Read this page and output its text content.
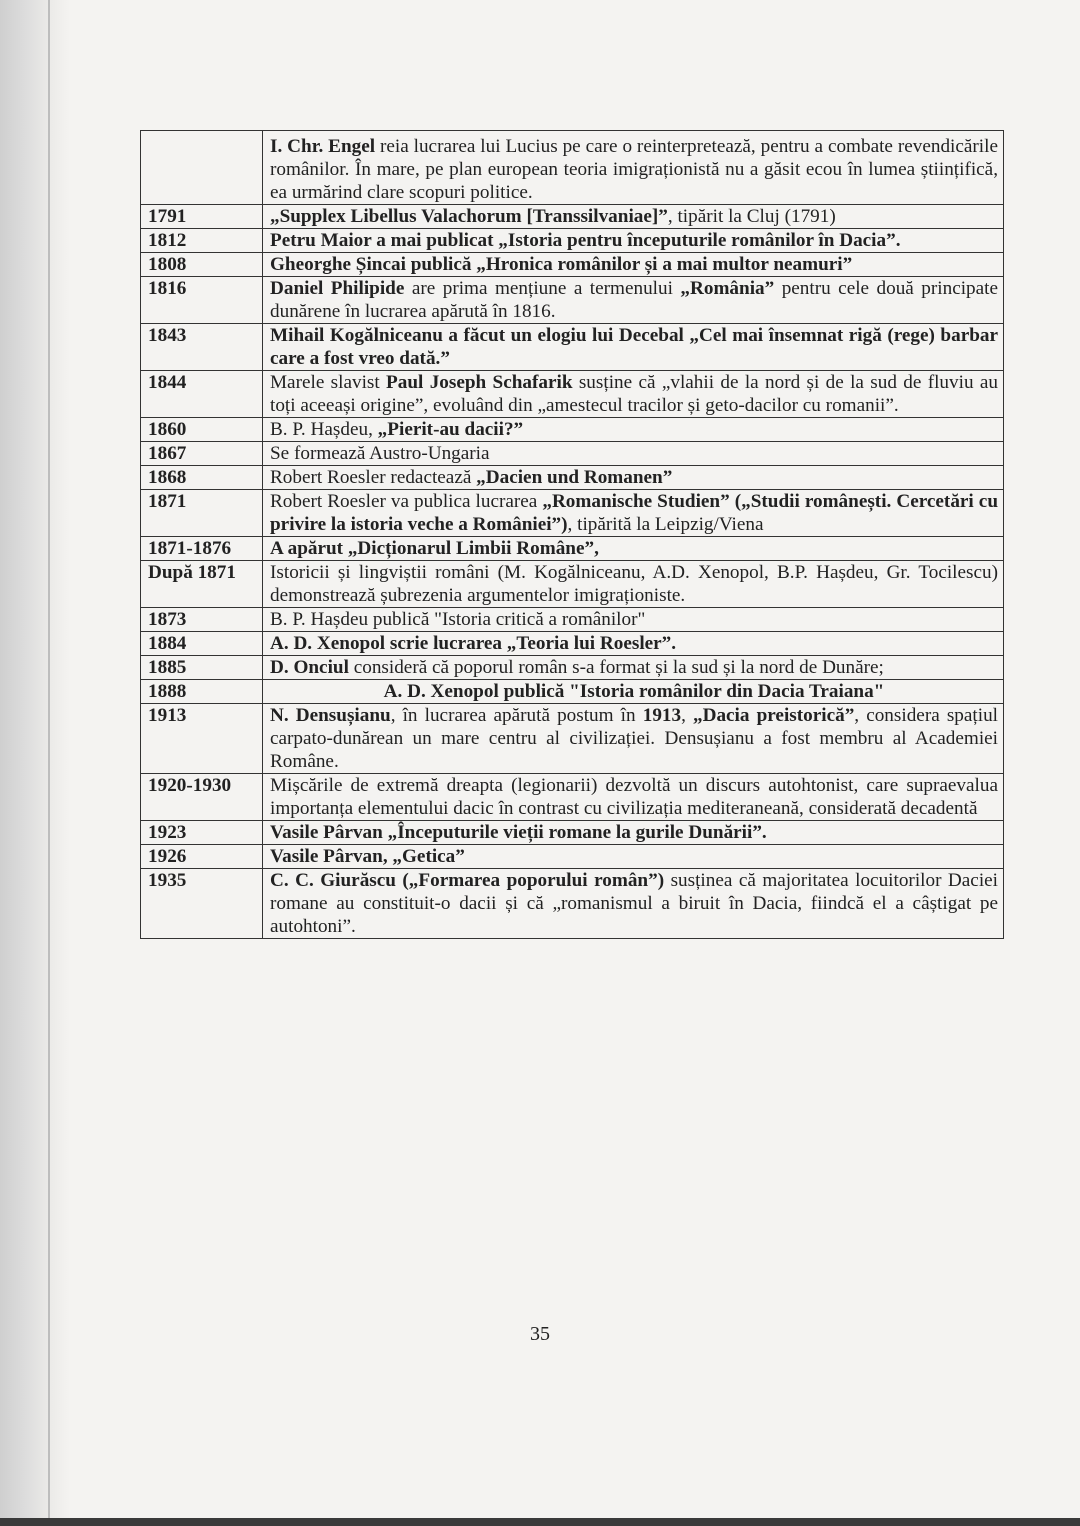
	I. Chr. Engel reia lucrarea lui Lucius pe care o reinterpretează, pentru a combate revendicările românilor. În mare, pe plan european teoria imigraționistă nu a găsit ecou în lumea științifică, ea urmărind clare scopuri politice.
1791	„Supplex Libellus Valachorum [Transsilvaniae]”, tipărit la Cluj (1791)
1812	Petru Maior a mai publicat „Istoria pentru începuturile românilor în Dacia”.
1808	Gheorghe Șincai publică „Hronica românilor și a mai multor neamuri”
1816	Daniel Philipide are prima mențiune a termenului „România” pentru cele două principate dunărene în lucrarea apărută în 1816.
1843	Mihail Kogălniceanu a făcut un elogiu lui Decebal „Cel mai însemnat rigă (rege) barbar care a fost vreo dată.”
1844	Marele slavist Paul Joseph Schafarik susține că „vlahii de la nord și de la sud de fluviu au toți aceeași origine”, evoluând din „amestecul tracilor și geto-dacilor cu romanii”.
1860	B. P. Hașdeu, „Pierit-au dacii?”
1867	Se formează Austro-Ungaria
1868	Robert Roesler redactează „Dacien und Romanen”
1871	Robert Roesler va publica lucrarea „Romanische Studien” („Studii românești. Cercetări cu privire la istoria veche a României”), tipărită la Leipzig/Viena
1871-1876	A apărut „Dicționarul Limbii Române”,
După 1871	Istoricii și lingviștii români (M. Kogălniceanu, A.D. Xenopol, B.P. Hașdeu, Gr. Tocilescu) demonstrează șubrezenia argumentelor imigraționiste.
1873	B. P. Hașdeu publică "Istoria critică a românilor"
1884	A. D. Xenopol scrie lucrarea „Teoria lui Roesler”.
1885	D. Onciul consideră că poporul român s-a format și la sud și la nord de Dunăre;
1888	A. D. Xenopol publică "Istoria românilor din Dacia Traiana"
1913	N. Densușianu, în lucrarea apărută postum în 1913, „Dacia preistorică”, considera spațiul carpato-dunărean un mare centru al civilizației. Densușianu a fost membru al Academiei Române.
1920-1930	Mișcările de extremă dreapta (legionarii) dezvoltă un discurs autohtonist, care supraevalua importanța elementului dacic în contrast cu civilizația mediteraneană, considerată decadentă
1923	Vasile Pârvan „Începuturile vieții romane la gurile Dunării”.
1926	Vasile Pârvan, „Getica”
1935	C. C. Giurăscu („Formarea poporului român”) susținea că majoritatea locuitorilor Daciei romane au constituit-o dacii și că „romanismul a biruit în Dacia, fiindcă el a câștigat pe autohtoni”.
35
